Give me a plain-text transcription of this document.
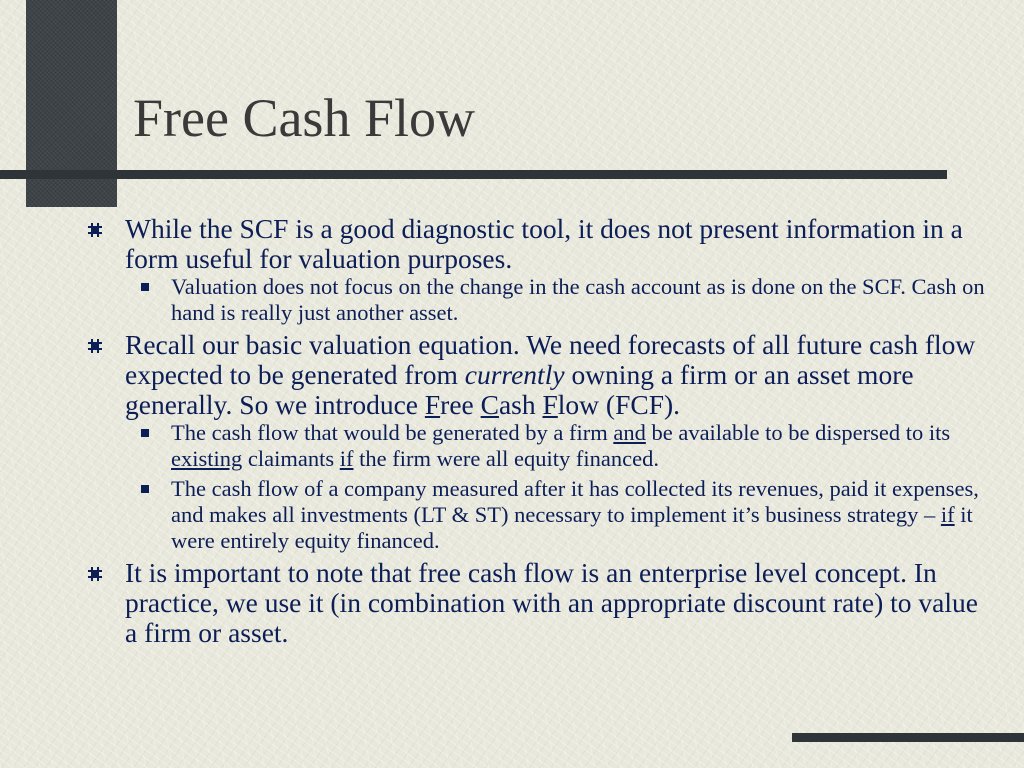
Free Cash Flow
While the SCF is a good diagnostic tool, it does not present information in a form useful for valuation purposes.
Valuation does not focus on the change in the cash account as is done on the SCF. Cash on hand is really just another asset.
Recall our basic valuation equation. We need forecasts of all future cash flow expected to be generated from currently owning a firm or an asset more generally. So we introduce Free Cash Flow (FCF).
The cash flow that would be generated by a firm and be available to be dispersed to its existing claimants if the firm were all equity financed.
The cash flow of a company measured after it has collected its revenues, paid it expenses, and makes all investments (LT & ST) necessary to implement it’s business strategy – if it were entirely equity financed.
It is important to note that free cash flow is an enterprise level concept. In practice, we use it (in combination with an appropriate discount rate) to value a firm or asset.
